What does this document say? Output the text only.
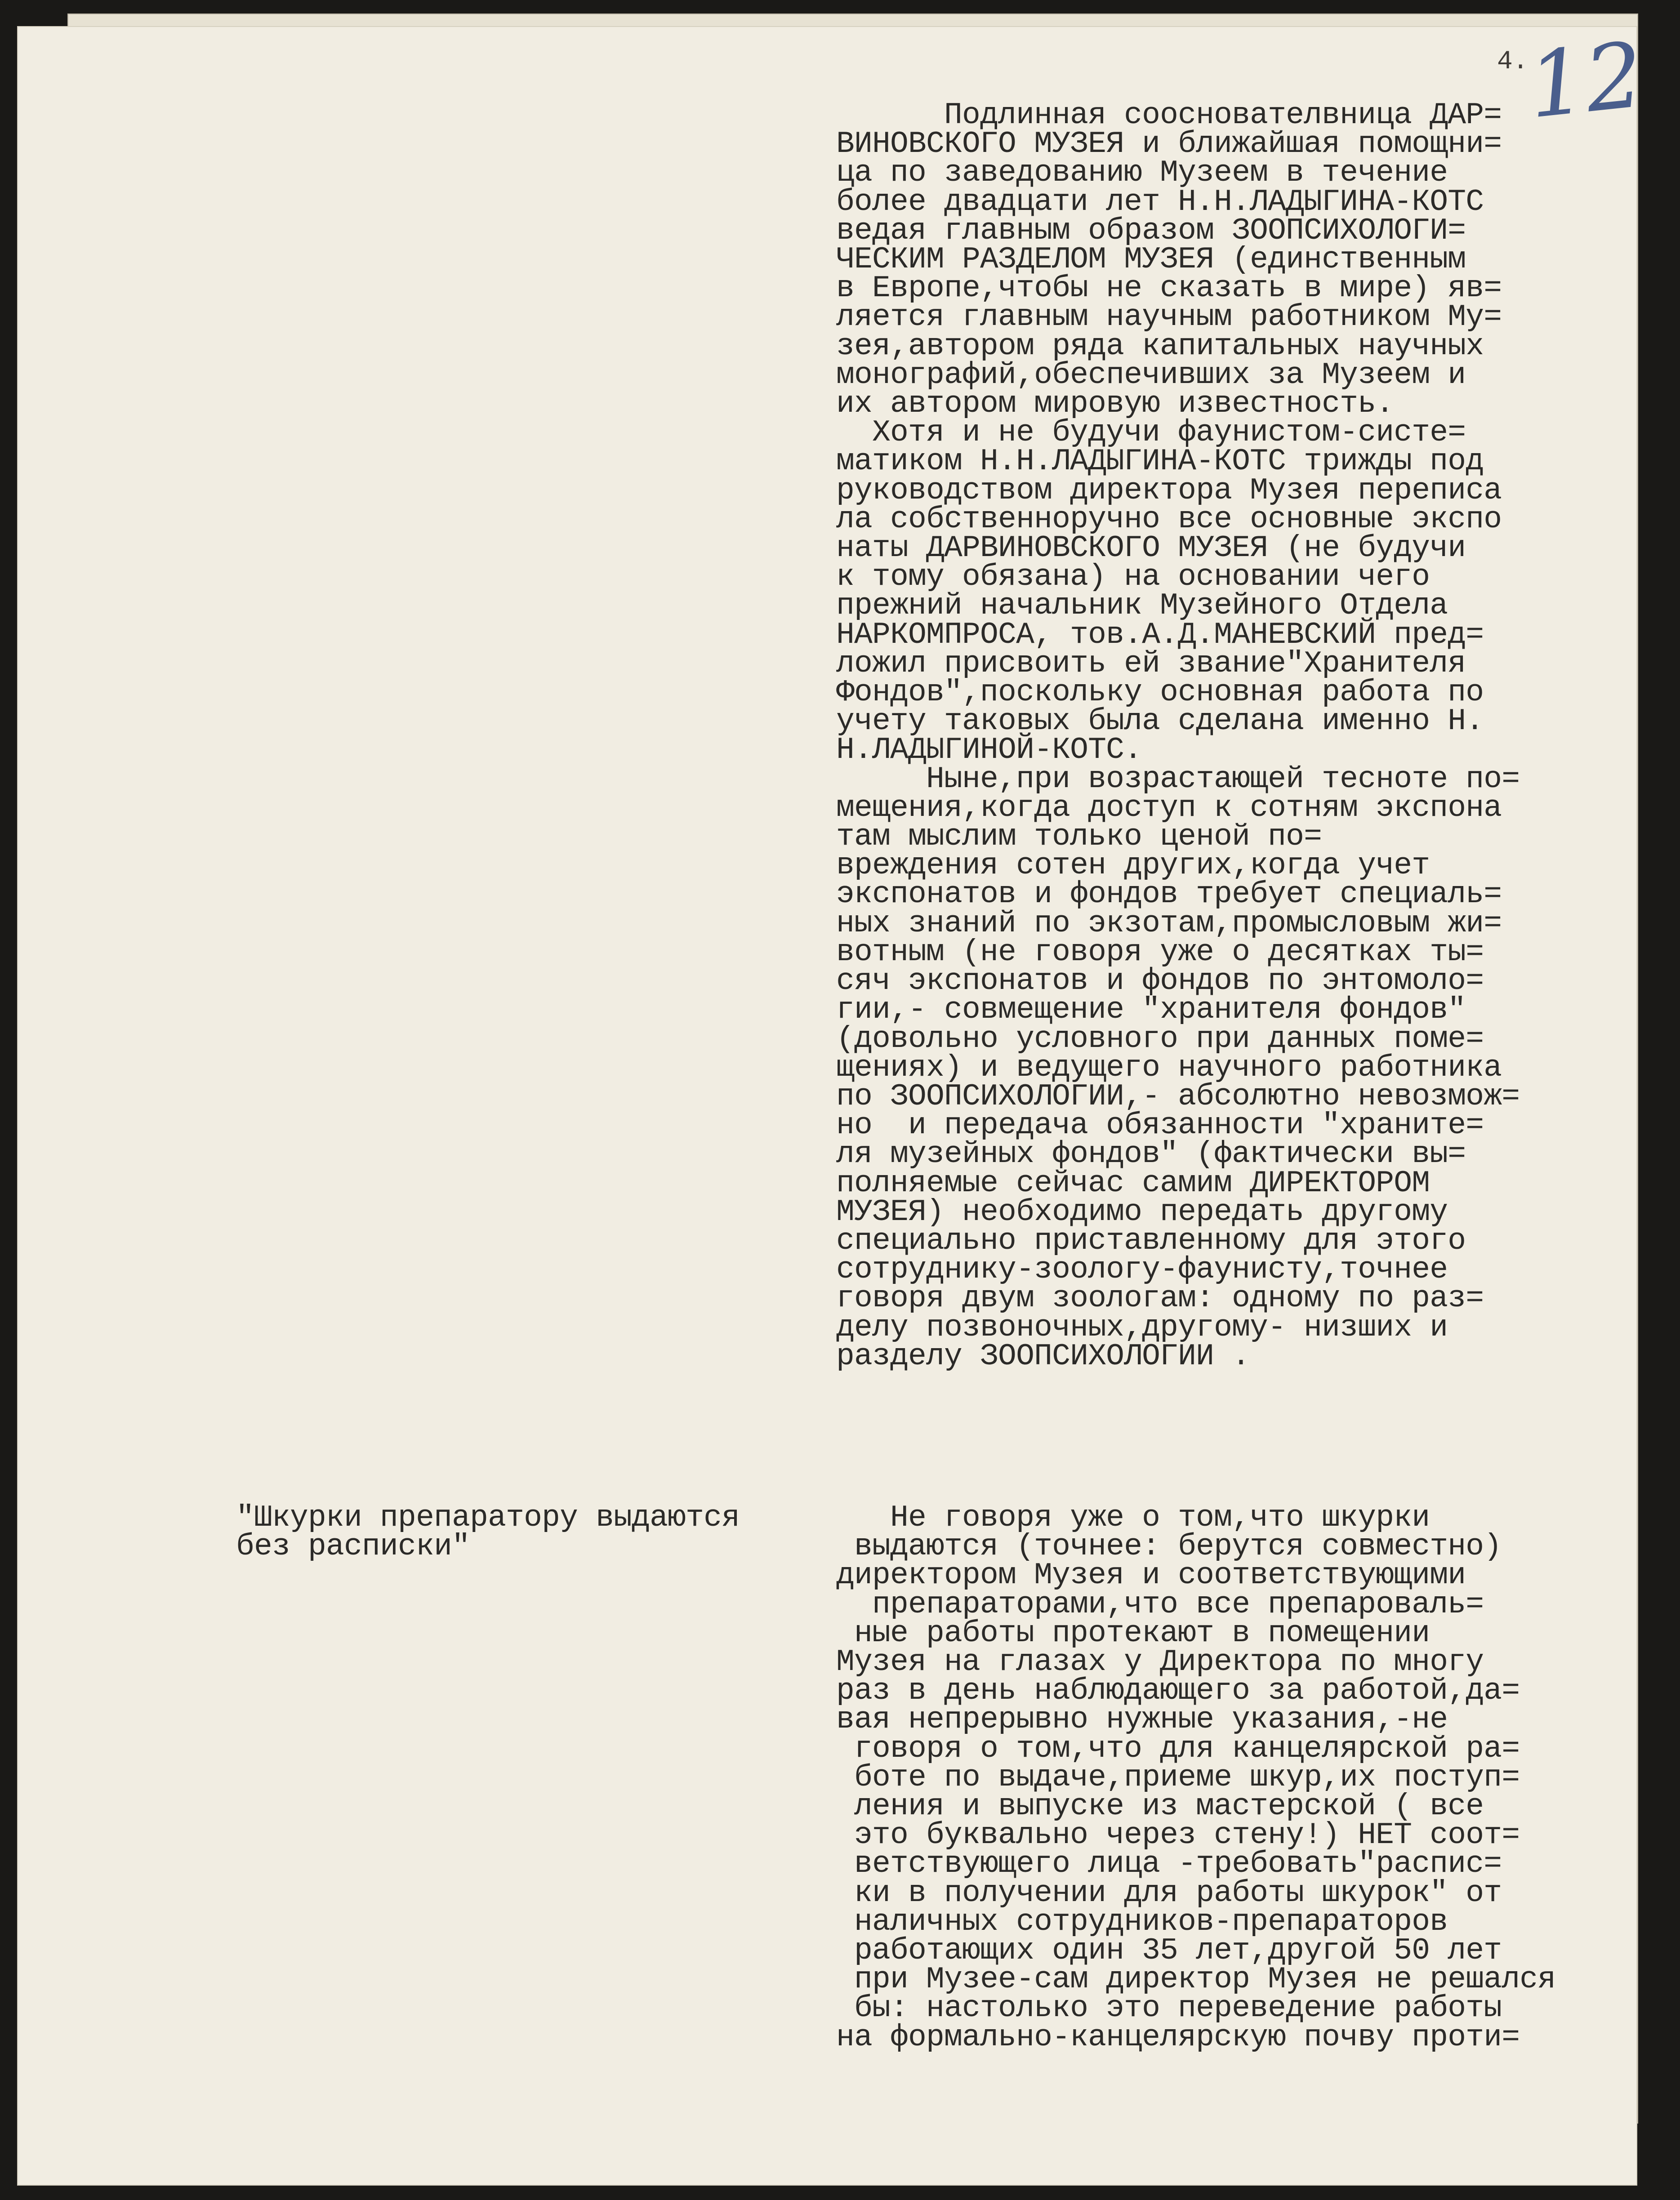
4.

12

Подлинная сооснователвница ДАР=

ВИНОВСКОГО МУЗЕЯ и ближайшая помощни=

ца по заведованию Музеем в течение

более двадцати лет Н.Н.ЛАДЫГИНА-КОТС

ведая главным образом ЗООПСИХОЛОГИ=

ЧЕСКИМ РАЗДЕЛОМ МУЗЕЯ (единственным

в Европе,чтобы не сказать в мире) яв=

ляется главным научным работником Му=

зея,автором ряда капитальных научных

монографий,обеспечивших за Музеем и

их автором мировую известность.

Хотя и не будучи фаунистом-систе=

матиком Н.Н.ЛАДЫГИНА-КОТС трижды под

руководством директора Музея переписа

ла собственноручно все основные экспо

наты ДАРВИНОВСКОГО МУЗЕЯ (не будучи

к тому обязана) на основании чего

прежний начальник Музейного Отдела

НАРКОМПРОСА, тов.А.Д.МАНЕВСКИЙ пред=

ложил присвоить ей звание"Хранителя

Фондов",поскольку основная работа по

учету таковых была сделана именно Н.

Н.ЛАДЫГИНОЙ-КОТС.

Ныне,при возрастающей тесноте по=

мещения,когда доступ к сотням экспона

там мыслим только ценой по=

вреждения сотен других,когда учет

экспонатов и фондов требует специаль=

ных знаний по экзотам,промысловым жи=

вотным (не говоря уже о десятках ты=

сяч экспонатов и фондов по энтомоло=

гии,- совмещение "хранителя фондов"

(довольно условного при данных поме=

щениях) и ведущего научного работника

по ЗООПСИХОЛОГИИ,- абсолютно невозмож=

но  и передача обязанности "храните=

ля музейных фондов" (фактически вы=

полняемые сейчас самим ДИРЕКТОРОМ

МУЗЕЯ) необходимо передать другому

специально приставленному для этого

сотруднику-зоологу-фаунисту,точнее

говоря двум зоологам: одному по раз=

делу позвоночных,другому- низших и

разделу ЗООПСИХОЛОГИИ .

"Шкурки препаратору выдаются
без расписки"

Не говоря уже о том,что шкурки

выдаются (точнее: берутся совместно)

директором Музея и соответствующими

препараторами,что все препароваль=

ные работы протекают в помещении

Музея на глазах у Директора по многу

раз в день наблюдающего за работой,да=

вая непрерывно нужные указания,-не

говоря о том,что для канцелярской ра=

боте по выдаче,приеме шкур,их поступ=

ления и выпуске из мастерской ( все

это буквально через стену!) НЕТ соот=

ветствующего лица -требовать"распис=

ки в получении для работы шкурок" от

наличных сотрудников-препараторов

работающих один 35 лет,другой 50 лет

при Музее-сам директор Музея не решался

бы: настолько это переведение работы

на формально-канцелярскую почву проти=
